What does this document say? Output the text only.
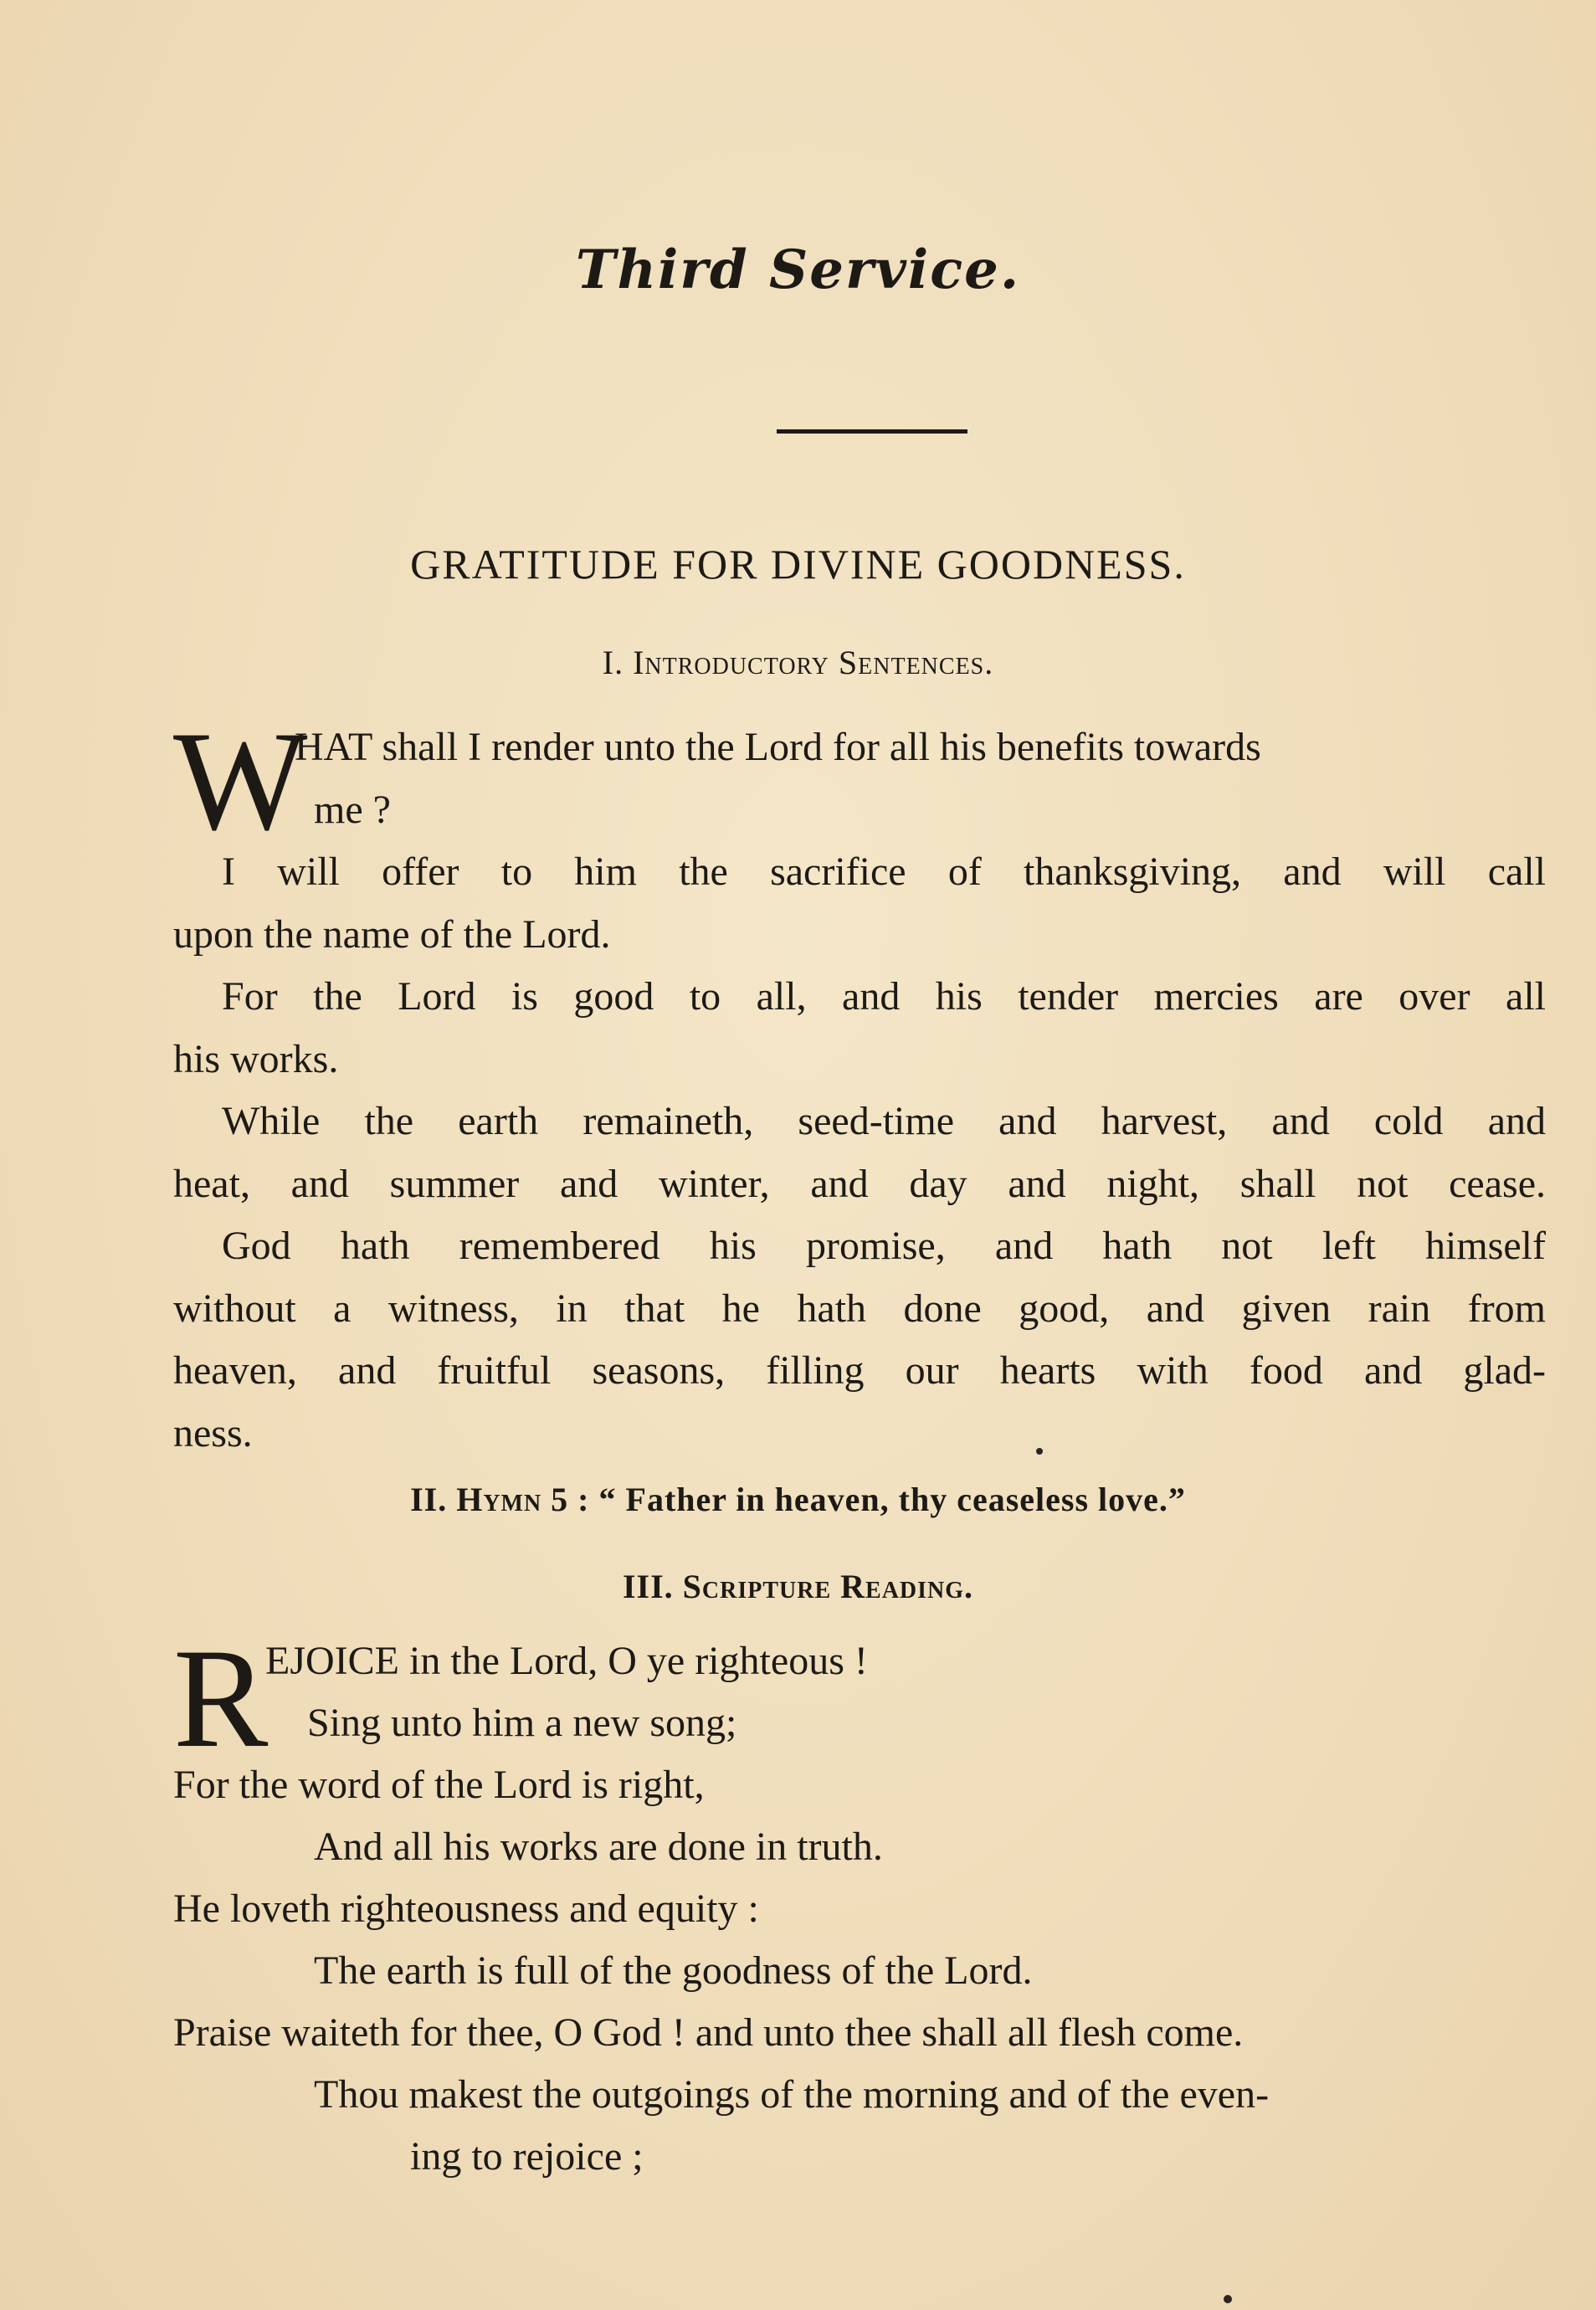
Third Service.
GRATITUDE FOR DIVINE GOODNESS.
I. Introductory Sentences.
W
HAT shall I render unto the Lord for all his benefits towards
me ?
I will offer to him the sacrifice of thanksgiving, and will call
upon the name of the Lord.
For the Lord is good to all, and his tender mercies are over all
his works.
While the earth remaineth, seed-time and harvest, and cold and
heat, and summer and winter, and day and night, shall not cease.
God hath remembered his promise, and hath not left himself
without a witness, in that he hath done good, and given rain from
heaven, and fruitful seasons, filling our hearts with food and glad-
ness.
II. Hymn 5 : “ Father in heaven, thy ceaseless love.”
III. Scripture Reading.
R
EJOICE in the Lord, O ye righteous !
Sing unto him a new song;
For the word of the Lord is right,
And all his works are done in truth.
He loveth righteousness and equity :
The earth is full of the goodness of the Lord.
Praise waiteth for thee, O God ! and unto thee shall all flesh come.
Thou makest the outgoings of the morning and of the even-
ing to rejoice ;
